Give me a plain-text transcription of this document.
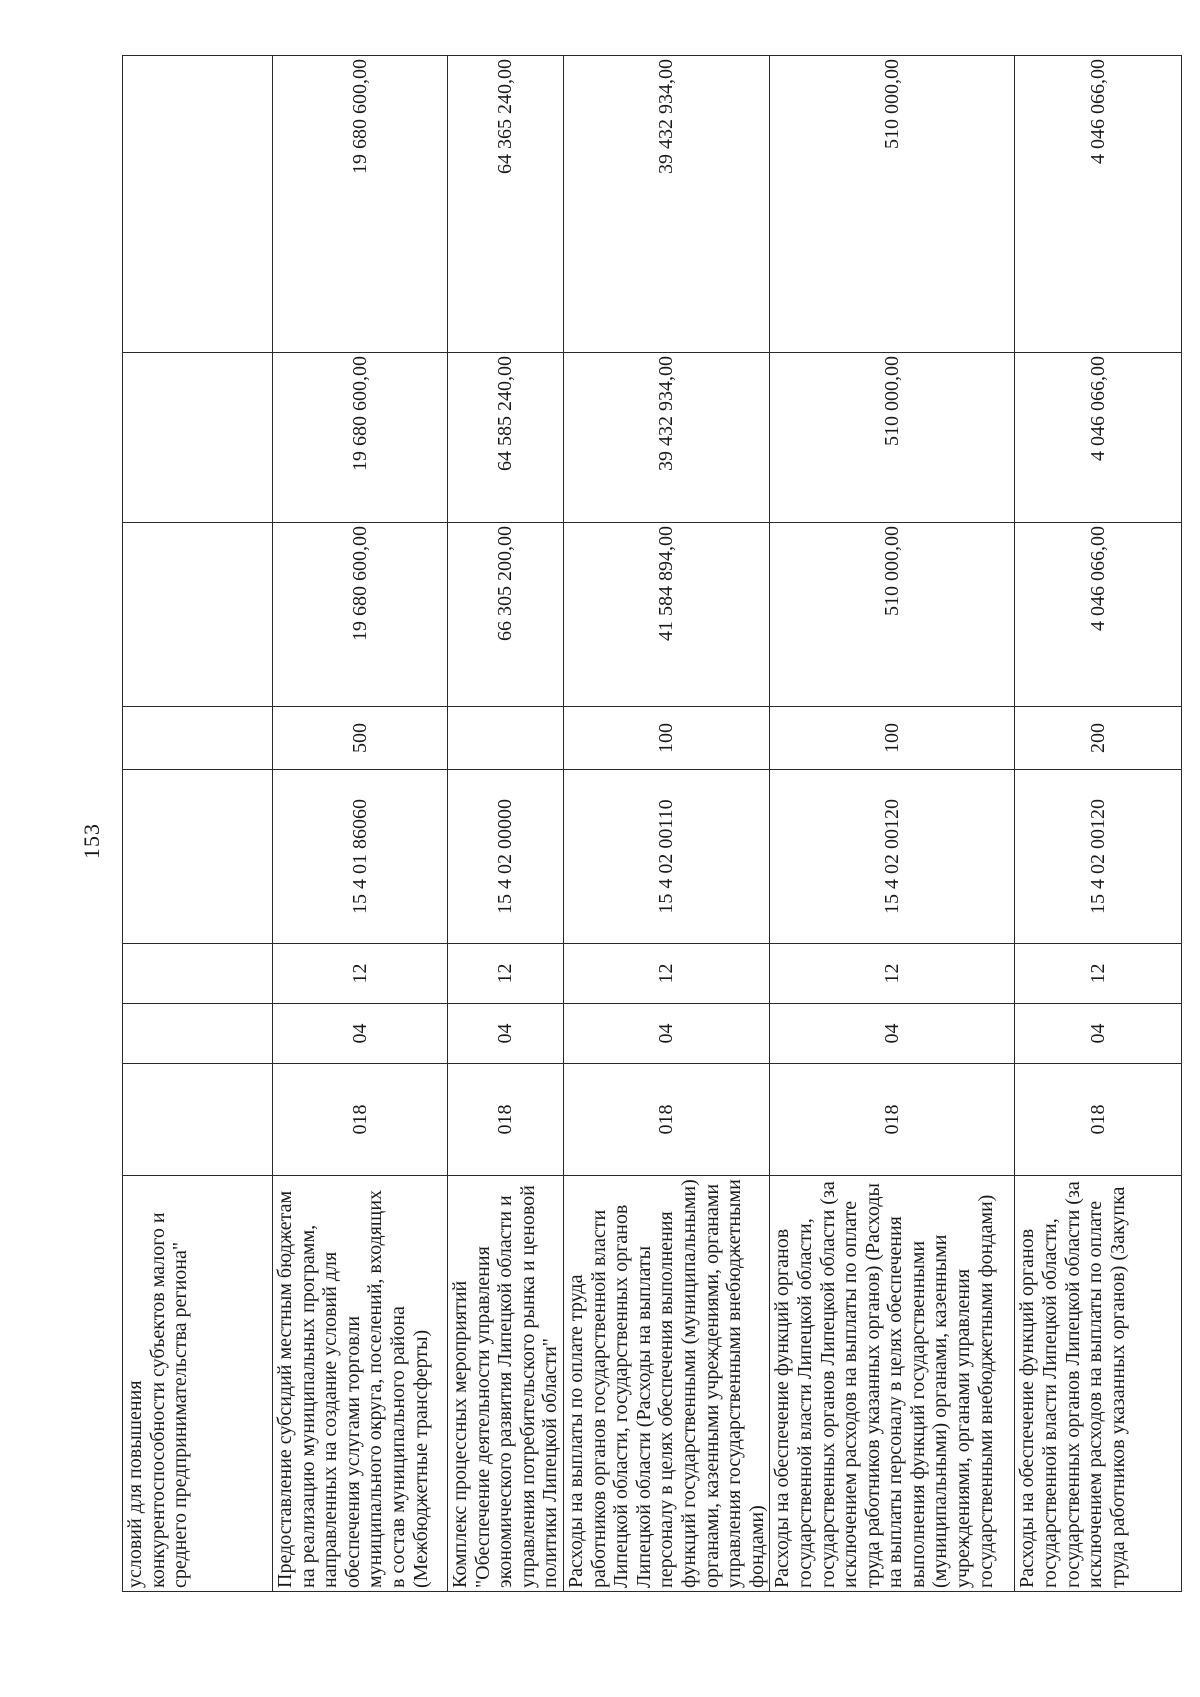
153
условий для повышения конкурентоспособности субъектов малого и среднего предпринимательства региона"								

Предоставление субсидий местным бюджетам на реализацию муниципальных программ, направленных на создание условий для обеспечения услугами торговли муниципального округа, поселений, входящих в состав муниципального района (Межбюджетные трансферты)	018	04	12	15 4 01 86060	500	19 680 600,00	19 680 600,00	19 680 600,00

Комплекс процессных мероприятий "Обеспечение деятельности управления экономического развития Липецкой области и управления потребительского рынка и ценовой политики Липецкой области"	018	04	12	15 4 02 00000		66 305 200,00	64 585 240,00	64 365 240,00

Расходы на выплаты по оплате труда работников органов государственной власти Липецкой области, государственных органов Липецкой области (Расходы на выплаты персоналу в целях обеспечения выполнения функций государственными (муниципальными) органами, казенными учреждениями, органами управления государственными внебюджетными фондами)	018	04	12	15 4 02 00110	100	41 584 894,00	39 432 934,00	39 432 934,00

Расходы на обеспечение функций органов государственной власти Липецкой области, государственных органов Липецкой области (за исключением расходов на выплаты по оплате труда работников указанных органов) (Расходы на выплаты персоналу в целях обеспечения выполнения функций государственными (муниципальными) органами, казенными учреждениями, органами управления государственными внебюджетными фондами)	018	04	12	15 4 02 00120	100	510 000,00	510 000,00	510 000,00

Расходы на обеспечение функций органов государственной власти Липецкой области, государственных органов Липецкой области (за исключением расходов на выплаты по оплате труда работников указанных органов) (Закупка	018	04	12	15 4 02 00120	200	4 046 066,00	4 046 066,00	4 046 066,00
